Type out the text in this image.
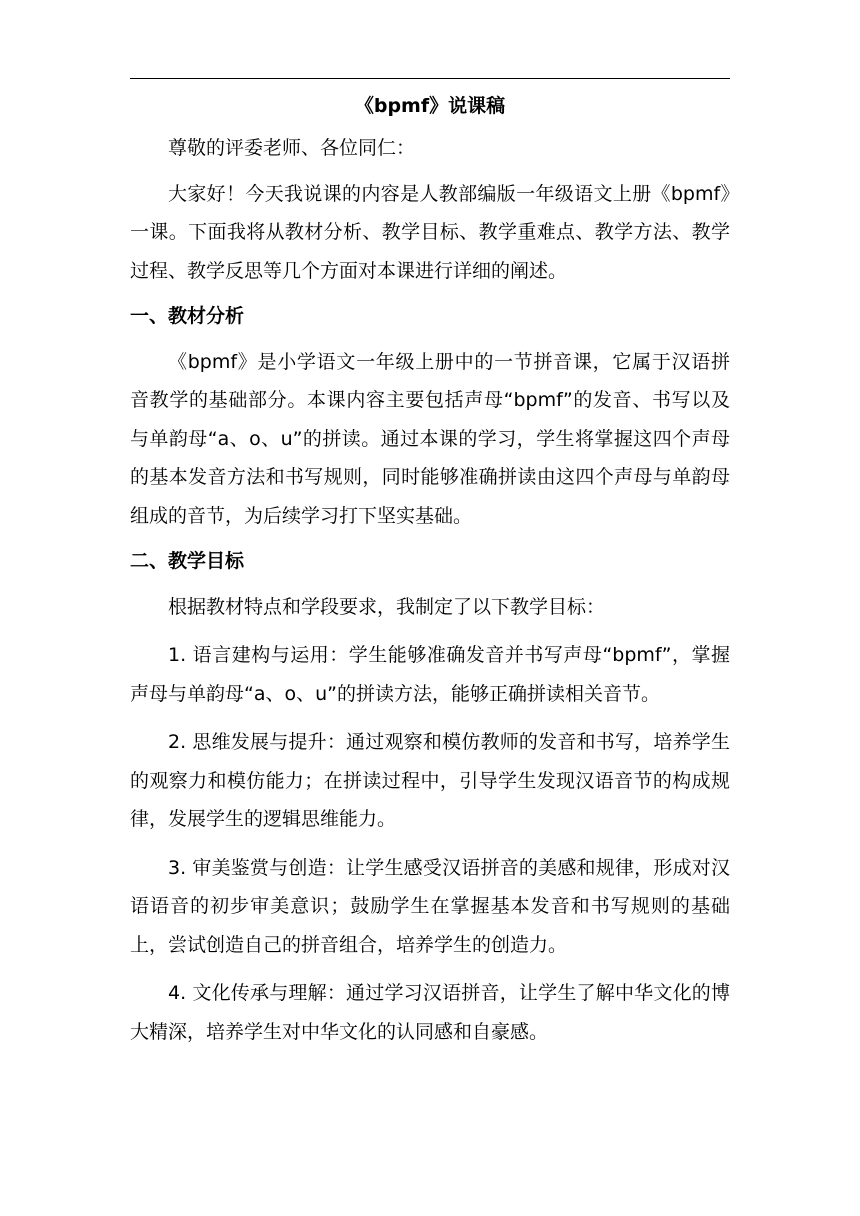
《bpmf》说课稿

尊敬的评委老师、各位同仁：

大家好！今天我说课的内容是人教部编版一年级语文上册《bpmf》一课。下面我将从教材分析、教学目标、教学重难点、教学方法、教学过程、教学反思等几个方面对本课进行详细的阐述。

一、教材分析

《bpmf》是小学语文一年级上册中的一节拼音课，它属于汉语拼音教学的基础部分。本课内容主要包括声母“bpmf”的发音、书写以及与单韵母“a、o、u”的拼读。通过本课的学习，学生将掌握这四个声母的基本发音方法和书写规则，同时能够准确拼读由这四个声母与单韵母组成的音节，为后续学习打下坚实基础。

二、教学目标

根据教材特点和学段要求，我制定了以下教学目标：

1. 语言建构与运用：学生能够准确发音并书写声母“bpmf”，掌握声母与单韵母“a、o、u”的拼读方法，能够正确拼读相关音节。

2. 思维发展与提升：通过观察和模仿教师的发音和书写，培养学生的观察力和模仿能力；在拼读过程中，引导学生发现汉语音节的构成规律，发展学生的逻辑思维能力。

3. 审美鉴赏与创造：让学生感受汉语拼音的美感和规律，形成对汉语语音的初步审美意识；鼓励学生在掌握基本发音和书写规则的基础上，尝试创造自己的拼音组合，培养学生的创造力。

4. 文化传承与理解：通过学习汉语拼音，让学生了解中华文化的博大精深，培养学生对中华文化的认同感和自豪感。
